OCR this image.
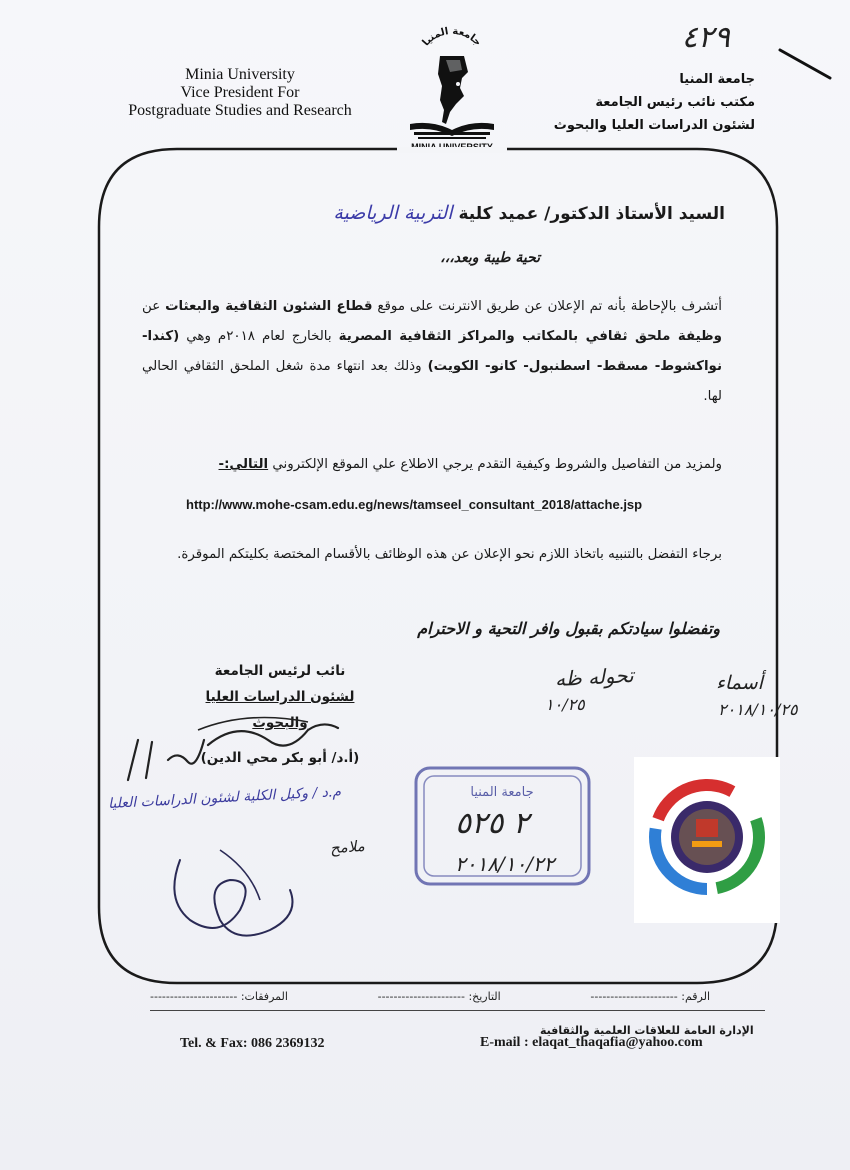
٤٢٩
Minia University
Vice President For
Postgraduate Studies and Research
جامعة المنيا
جامعة المنيا
مكتب نائب رئيس الجامعة
لشئون الدراسات العليا والبحوث
السيد الأستاذ الدكتور/ عميد كلية التربية الرياضية
تحية طيبة وبعد،،،
أتشرف بالإحاطة بأنه تم الإعلان عن طريق الانترنت على موقع قطاع الشئون الثقافية والبعثات عن وظيفة ملحق ثقافي بالمكاتب والمراكز الثقافية المصرية بالخارج لعام ٢٠١٨م وهي (كندا- نواكشوط- مسقط- اسطنبول- كانو- الكويت) وذلك بعد انتهاء مدة شغل الملحق الثقافي الحالي لها.
ولمزيد من التفاصيل والشروط وكيفية التقدم يرجي الاطلاع علي الموقع الإلكتروني التالي:-
http://www.mohe-csam.edu.eg/news/tamseel_consultant_2018/attache.jsp
برجاء التفضل بالتنبيه باتخاذ اللازم نحو الإعلان عن هذه الوظائف بالأقسام المختصة بكليتكم الموقرة.
وتفضلوا سيادتكم بقبول وافر التحية و الاحترام
نائب لرئيس الجامعة
لشئون الدراسات العليا والبحوث
(أ.د/ أبو بكر محي الدين)
تحوله ظه
١٠/٢٥
أسماء
٢٠١٨/١٠/٢٥
م.د / وكيل الكلية لشئون الدراسات العليا
ملامح
جامعة المنيا
٢ ٥٢٥
٢٠١٨/١٠/٢٢
الرقم: ----------------------
التاريخ: ----------------------
المرفقات: ----------------------
الإدارة العامة للعلاقات العلمية والثقافية
Tel. & Fax: 086 2369132	E-mail : elaqat_thaqafia@yahoo.com
